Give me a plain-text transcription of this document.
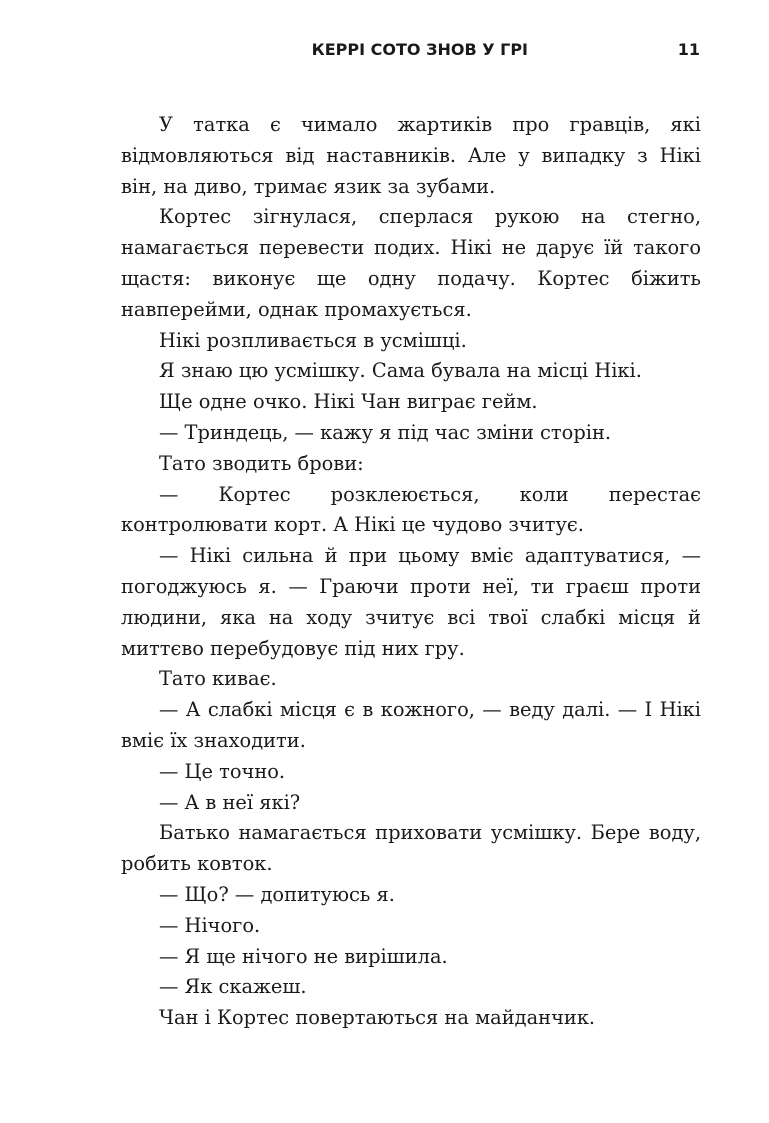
КЕРРІ СОТО ЗНОВ У ГРІ	11

У татка є чимало жартиків про гравців, які відмовляються від наставників. Але у випадку з Нікі він, на диво, тримає язик за зубами.

Кортес зігнулася, сперлася рукою на стегно, намагається перевести подих. Нікі не дарує їй такого щастя: виконує ще одну подачу. Кортес біжить навперейми, однак промахується.

Нікі розпливається в усмішці.

Я знаю цю усмішку. Сама бувала на місці Нікі.

Ще одне очко. Нікі Чан виграє гейм.

— Триндець, — кажу я під час зміни сторін.

Тато зводить брови:

— Кортес розклеюється, коли перестає контролювати корт. А Нікі це чудово зчитує.

— Нікі сильна й при цьому вміє адаптуватися, — погоджуюсь я. — Граючи проти неї, ти граєш проти людини, яка на ходу зчитує всі твої слабкі місця й миттєво перебудовує під них гру.

Тато киває.

— А слабкі місця є в кожного, — веду далі. — І Нікі вміє їх знаходити.

— Це точно.

— А в неї які?

Батько намагається приховати усмішку. Бере воду, робить ковток.

— Що? — допитуюсь я.

— Нічого.

— Я ще нічого не вирішила.

— Як скажеш.

Чан і Кортес повертаються на майданчик.
